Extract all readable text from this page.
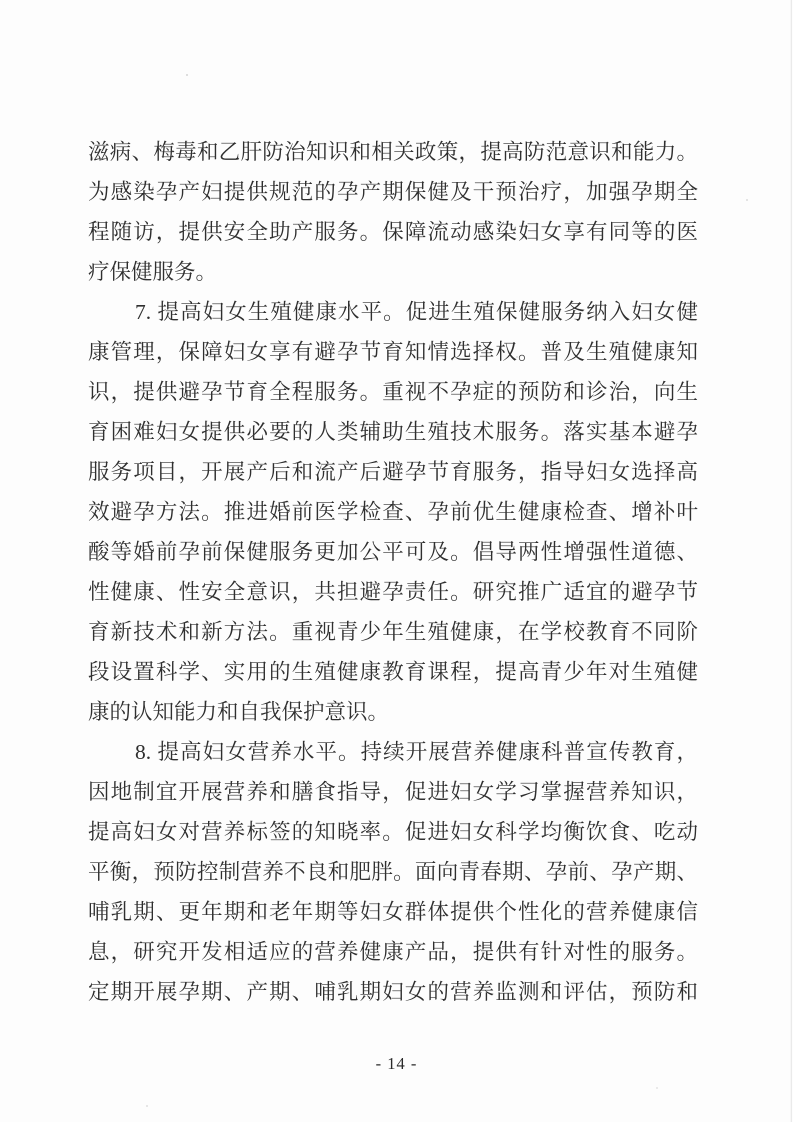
滋病、梅毒和乙肝防治知识和相关政策，提高防范意识和能力。
为感染孕产妇提供规范的孕产期保健及干预治疗，加强孕期全
程随访，提供安全助产服务。保障流动感染妇女享有同等的医
疗保健服务。
7. 提高妇女生殖健康水平。促进生殖保健服务纳入妇女健
康管理，保障妇女享有避孕节育知情选择权。普及生殖健康知
识，提供避孕节育全程服务。重视不孕症的预防和诊治，向生
育困难妇女提供必要的人类辅助生殖技术服务。落实基本避孕
服务项目，开展产后和流产后避孕节育服务，指导妇女选择高
效避孕方法。推进婚前医学检查、孕前优生健康检查、增补叶
酸等婚前孕前保健服务更加公平可及。倡导两性增强性道德、
性健康、性安全意识，共担避孕责任。研究推广适宜的避孕节
育新技术和新方法。重视青少年生殖健康，在学校教育不同阶
段设置科学、实用的生殖健康教育课程，提高青少年对生殖健
康的认知能力和自我保护意识。
8. 提高妇女营养水平。持续开展营养健康科普宣传教育，
因地制宜开展营养和膳食指导，促进妇女学习掌握营养知识，
提高妇女对营养标签的知晓率。促进妇女科学均衡饮食、吃动
平衡，预防控制营养不良和肥胖。面向青春期、孕前、孕产期、
哺乳期、更年期和老年期等妇女群体提供个性化的营养健康信
息，研究开发相适应的营养健康产品，提供有针对性的服务。
定期开展孕期、产期、哺乳期妇女的营养监测和评估，预防和
- 14 -
